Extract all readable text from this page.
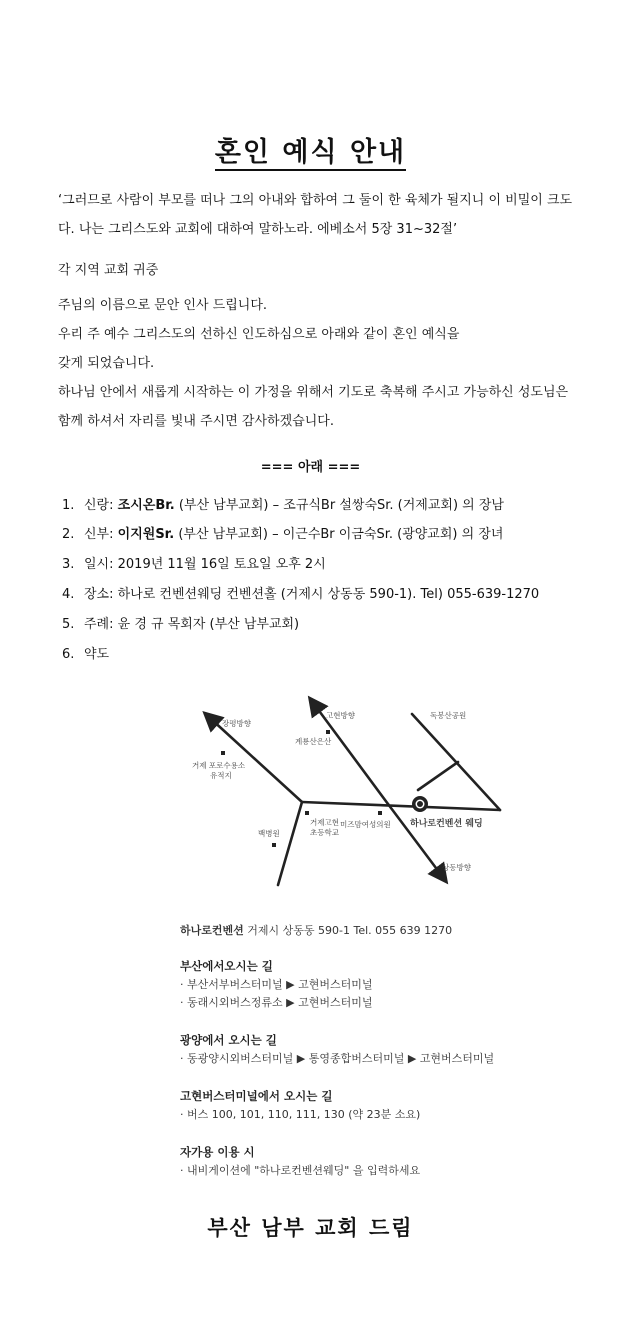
혼인 예식 안내

‘그러므로 사람이 부모를 떠나 그의 아내와 합하여 그 둘이 한 육체가 될지니 이 비밀이 크도

다. 나는 그리스도와 교회에 대하여 말하노라. 에베소서 5장 31~32절’

각 지역 교회 귀중

주님의 이름으로 문안 인사 드립니다.

우리 주 예수 그리스도의 선하신 인도하심으로 아래와 같이 혼인 예식을

갖게 되었습니다.

하나님 안에서 새롭게 시작하는 이 가정을 위해서 기도로 축복해 주시고 가능하신 성도님은

함께 하셔서 자리를 빛내 주시면 감사하겠습니다.

=== 아래 ===
1. 신랑: 조시온Br. (부산 남부교회) – 조규식Br 설쌍숙Sr. (거제교회) 의 장남
2. 신부: 이지원Sr. (부산 남부교회) – 이근수Br 이금숙Sr. (광양교회) 의 장녀
3. 일시: 2019년 11월 16일 토요일 오후 2시
4. 장소: 하나로 컨벤션웨딩 컨벤션홀 (거제시 상동동 590-1). Tel) 055-639-1270
5. 주례: 윤 경 규 목회자 (부산 남부교회)
6. 약도
장평방향
고현방향
계룡산은산
독봉산공원
거제 포로수용소
유적지
하나로컨벤션 웨딩
백병원
거제고현
초등학교
미즈맘여성의원
상동방향
하나로컨벤션 거제시 상동동 590-1 Tel. 055 639 1270
부산에서오시는 길
· 부산서부버스터미널 ▶ 고현버스터미널
· 동래시외버스정류소 ▶ 고현버스터미널
광양에서 오시는 길
· 동광양시외버스터미널 ▶ 통영종합버스터미널 ▶ 고현버스터미널
고현버스터미널에서 오시는 길
· 버스 100, 101, 110, 111, 130 (약 23분 소요)
자가용 이용 시
· 내비게이션에 "하나로컨벤션웨딩" 을 입력하세요
부산 남부 교회 드림
